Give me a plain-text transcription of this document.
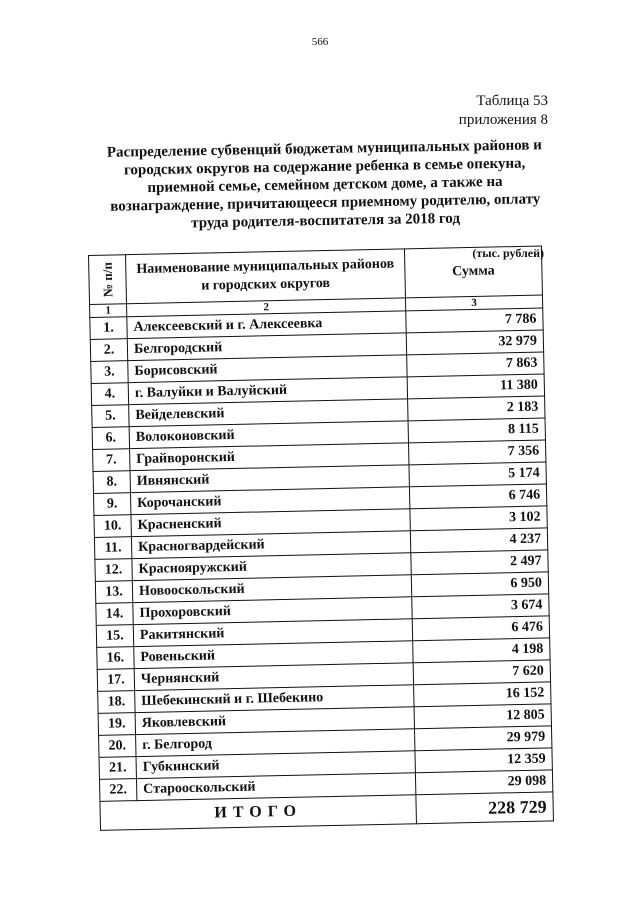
566
Таблица 53
приложения 8
Распределение субвенций бюджетам муниципальных районов и городских округов на содержание ребенка в семье опекуна, приемной семье, семейном детском доме, а также на вознаграждение, причитающееся приемному родителю, оплату труда родителя-воспитателя за 2018 год
(тыс. рублей)
№ п/п	Наименование муниципальных районов и городских округов	Сумма
1	2	3
1.	Алексеевский и г. Алексеевка	7 786
2.	Белгородский	32 979
3.	Борисовский	7 863
4.	г. Валуйки и Валуйский	11 380
5.	Вейделевский	2 183
6.	Волоконовский	8 115
7.	Грайворонский	7 356
8.	Ивнянский	5 174
9.	Корочанский	6 746
10.	Красненский	3 102
11.	Красногвардейский	4 237
12.	Краснояружский	2 497
13.	Новооскольский	6 950
14.	Прохоровский	3 674
15.	Ракитянский	6 476
16.	Ровеньский	4 198
17.	Чернянский	7 620
18.	Шебекинский и г. Шебекино	16 152
19.	Яковлевский	12 805
20.	г. Белгород	29 979
21.	Губкинский	12 359
22.	Старооскольский	29 098
ИТОГО		228 729
